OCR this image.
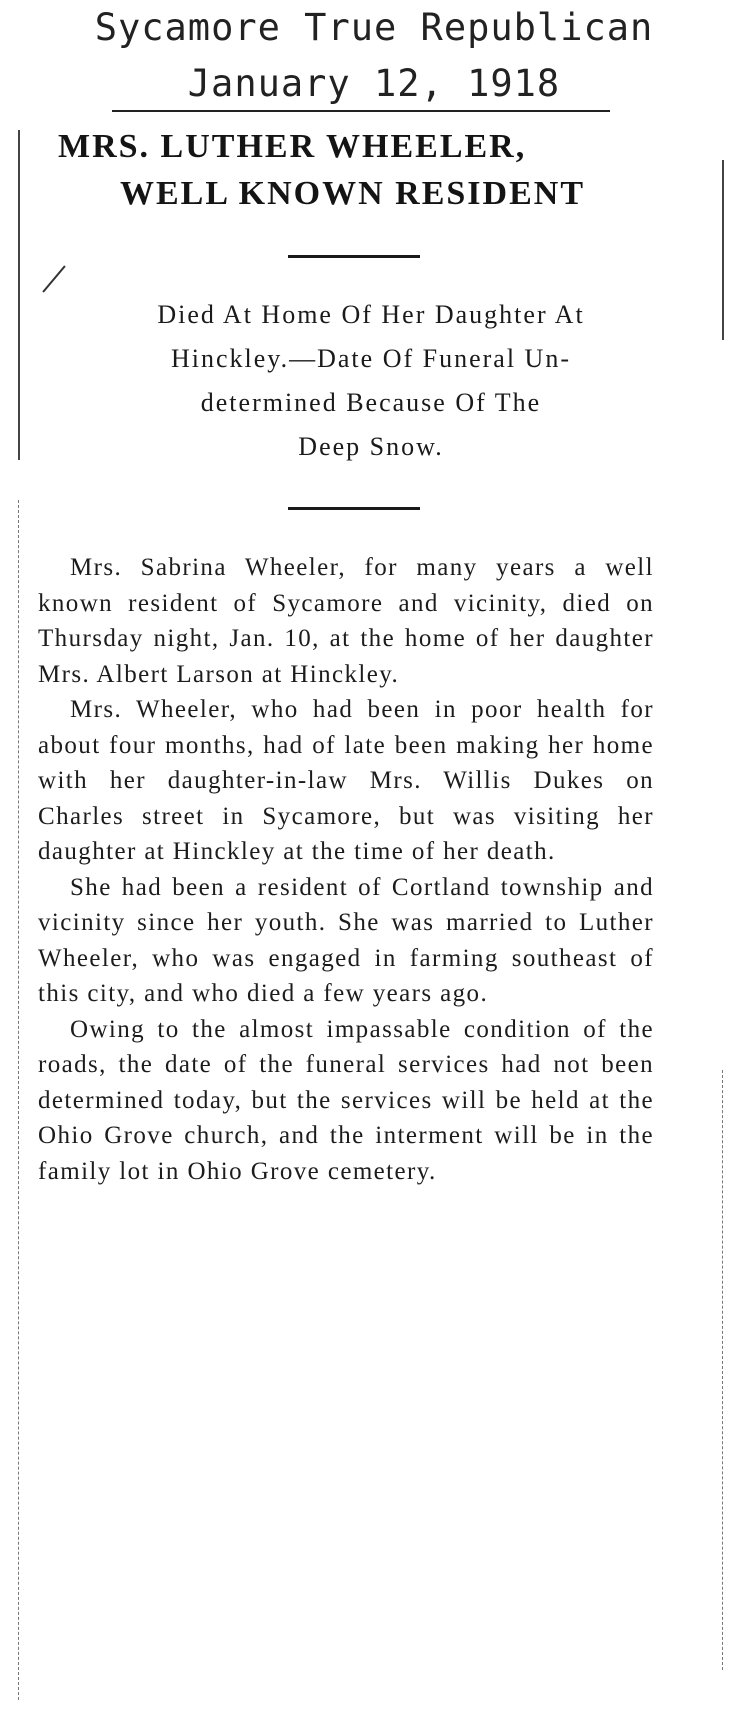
Sycamore True Republican
January 12, 1918
MRS. LUTHER WHEELER,
WELL KNOWN RESIDENT
Died At Home Of Her Daughter At
Hinckley.—Date Of Funeral Un-
determined Because Of The
Deep Snow.

Mrs. Sabrina Wheeler, for many years a well known resident of Sycamore and vicinity, died on Thursday night, Jan. 10, at the home of her daughter Mrs. Albert Larson at Hinckley.

Mrs. Wheeler, who had been in poor health for about four months, had of late been making her home with her daughter-in-law Mrs. Willis Dukes on Charles street in Sycamore, but was visiting her daughter at Hinckley at the time of her death.

She had been a resident of Cortland township and vicinity since her youth. She was married to Luther Wheeler, who was engaged in farming southeast of this city, and who died a few years ago.

Owing to the almost impassable condition of the roads, the date of the funeral services had not been determined today, but the services will be held at the Ohio Grove church, and the interment will be in the family lot in Ohio Grove cemetery.
